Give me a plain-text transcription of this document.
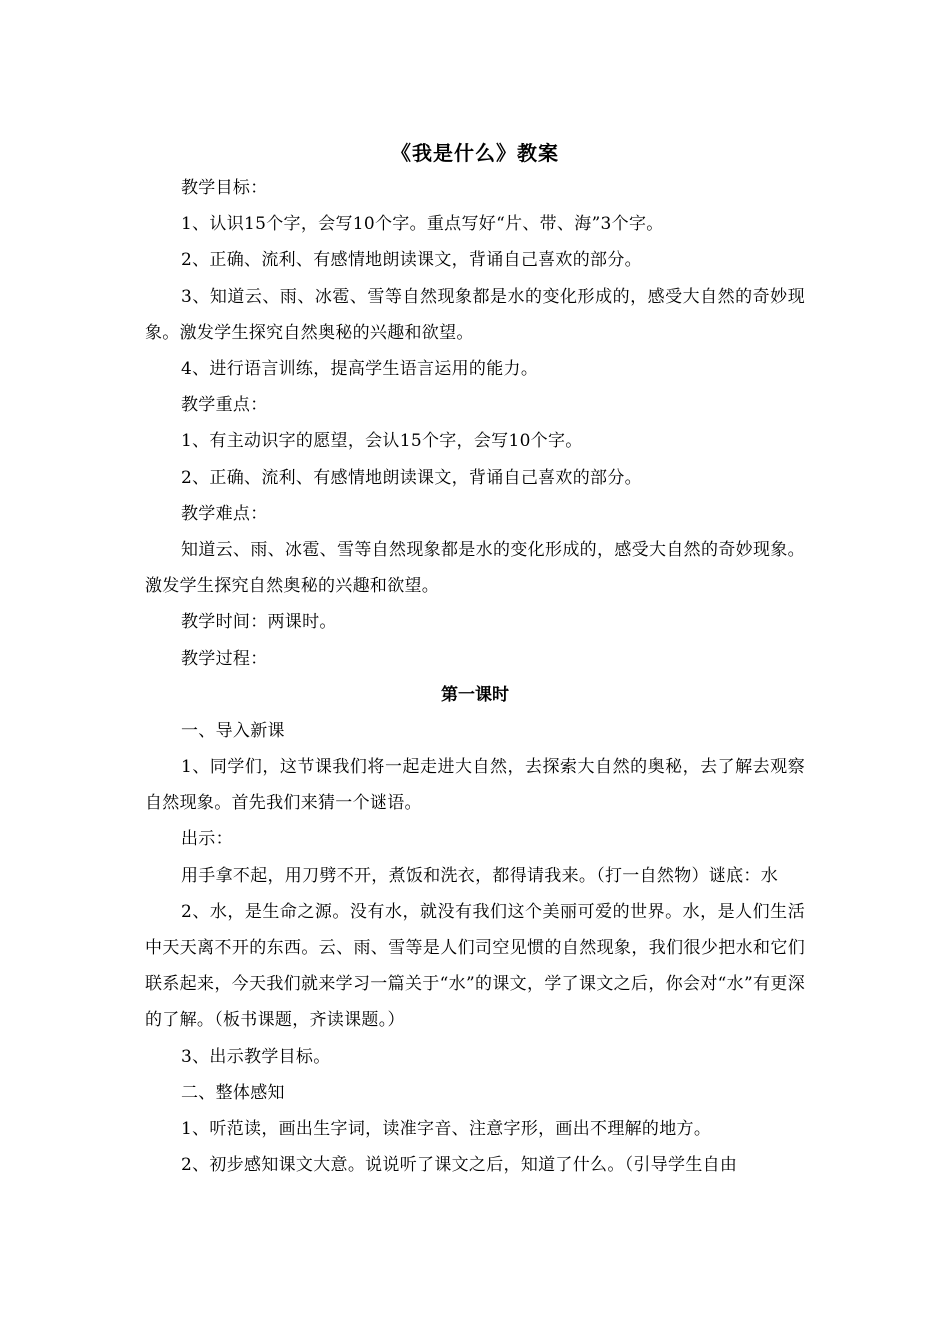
《我是什么》教案

教学目标：

1、认识15个字，会写10个字。重点写好“片、带、海”3个字。

2、正确、流利、有感情地朗读课文，背诵自己喜欢的部分。

3、知道云、雨、冰雹、雪等自然现象都是水的变化形成的，感受大自然的奇妙现象。激发学生探究自然奥秘的兴趣和欲望。

4、进行语言训练，提高学生语言运用的能力。

教学重点：

1、有主动识字的愿望，会认15个字，会写10个字。

2、正确、流利、有感情地朗读课文，背诵自己喜欢的部分。

教学难点：

知道云、雨、冰雹、雪等自然现象都是水的变化形成的，感受大自然的奇妙现象。激发学生探究自然奥秘的兴趣和欲望。

教学时间：两课时。

教学过程：

第一课时

一、导入新课

1、同学们，这节课我们将一起走进大自然，去探索大自然的奥秘，去了解去观察自然现象。首先我们来猜一个谜语。

出示：

用手拿不起，用刀劈不开，煮饭和洗衣，都得请我来。（打一自然物）谜底：水

2、水，是生命之源。没有水，就没有我们这个美丽可爱的世界。水，是人们生活中天天离不开的东西。云、雨、雪等是人们司空见惯的自然现象，我们很少把水和它们联系起来，今天我们就来学习一篇关于“水”的课文，学了课文之后，你会对“水”有更深的了解。（板书课题，齐读课题。）

3、出示教学目标。

二、整体感知

1、听范读，画出生字词，读准字音、注意字形，画出不理解的地方。

2、初步感知课文大意。说说听了课文之后，知道了什么。（引导学生自由
